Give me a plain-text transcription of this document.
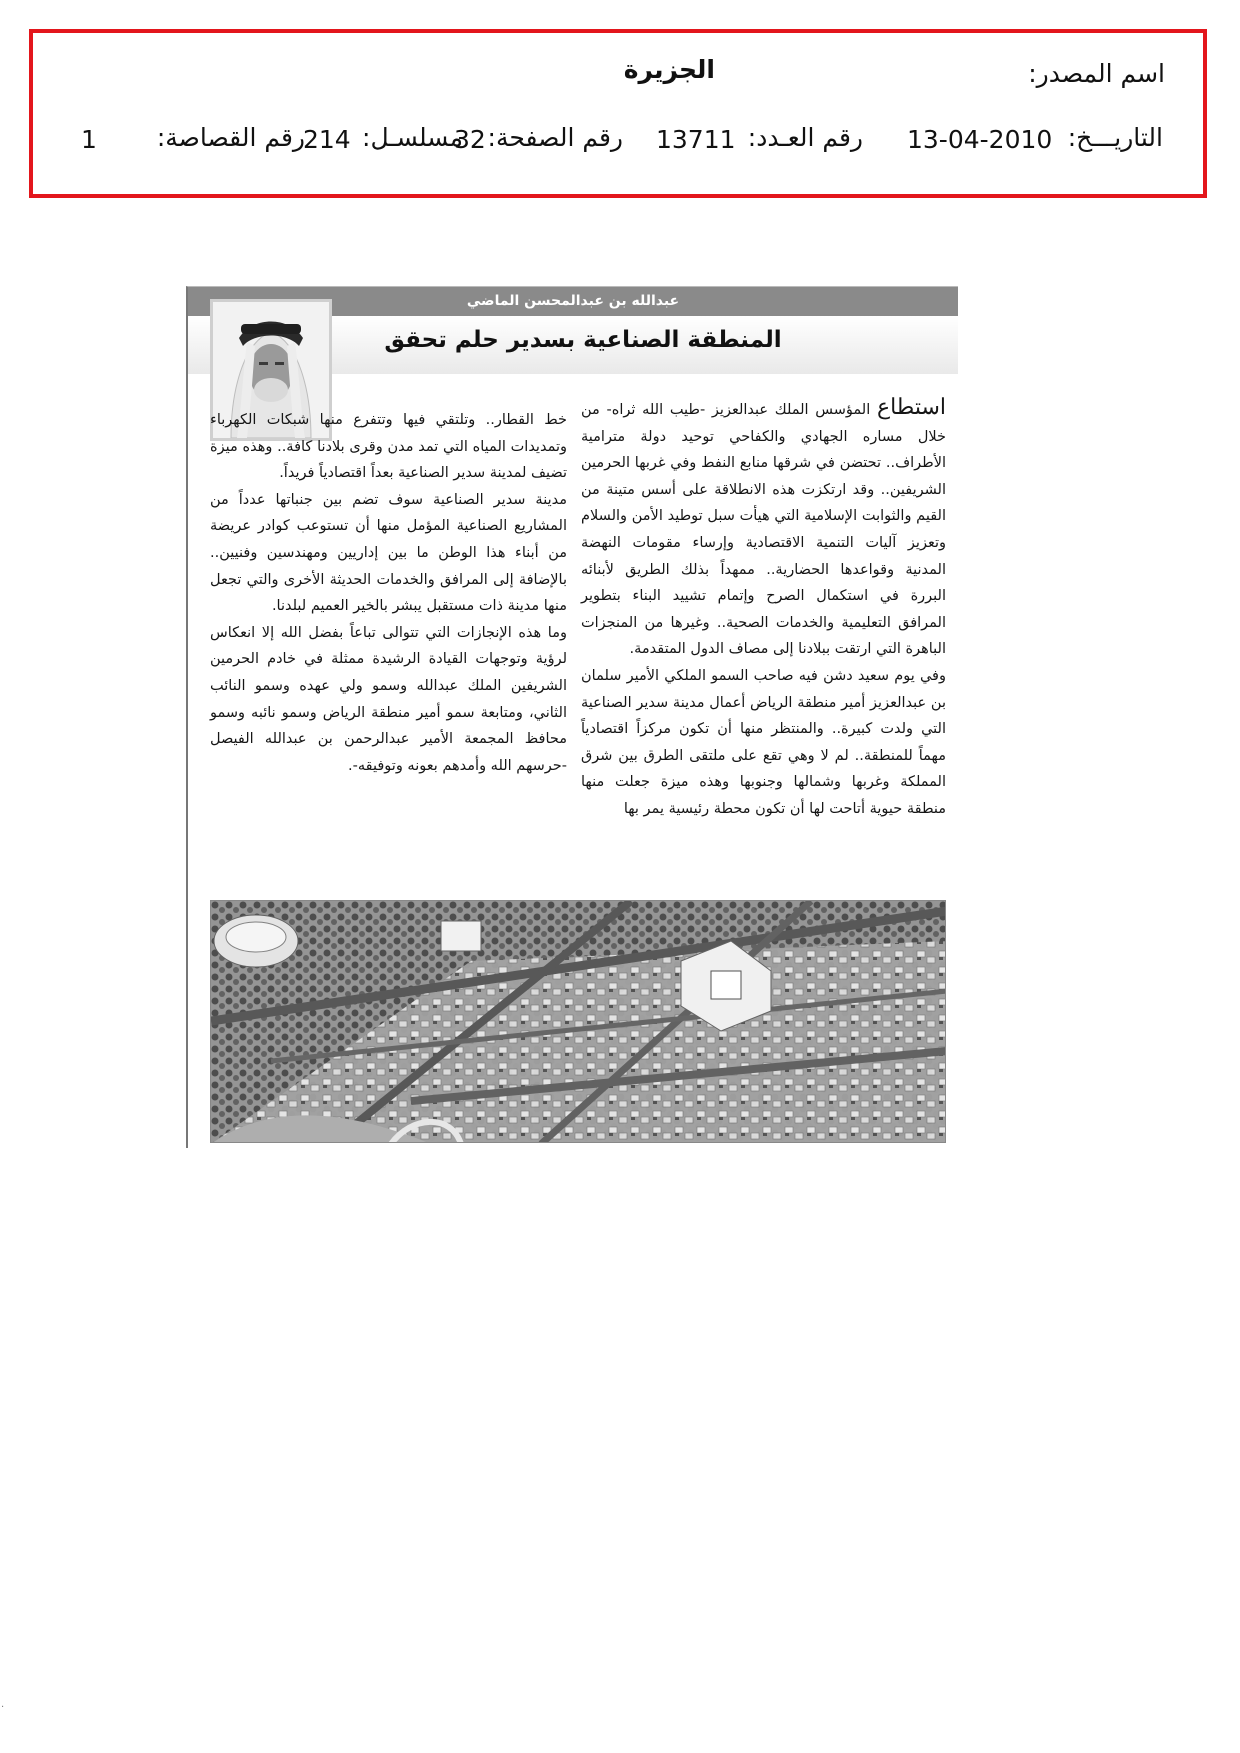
اسم المصدر:
الجزيرة
التاريـــخ:
13-04-2010
رقم العـدد:
13711
رقم الصفحة:
32
مسلسـل:
214
رقم القصاصة:
1
عبدالله بن عبدالمحسن الماضي
المنطقة الصناعية بسدير حلم تحقق

استطاع المؤسس الملك عبدالعزيز -طيب الله ثراه- من خلال مساره الجهادي والكفاحي توحيد دولة مترامية الأطراف.. تحتضن في شرقها منابع النفط وفي غربها الحرمين الشريفين.. وقد ارتكزت هذه الانطلاقة على أسس متينة من القيم والثوابت الإسلامية التي هيأت سبل توطيد الأمن والسلام وتعزيز آليات التنمية الاقتصادية وإرساء مقومات النهضة المدنية وقواعدها الحضارية.. ممهداً بذلك الطريق لأبنائه البررة في استكمال الصرح وإتمام تشييد البناء بتطوير المرافق التعليمية والخدمات الصحية.. وغيرها من المنجزات الباهرة التي ارتقت ببلادنا إلى مصاف الدول المتقدمة.

وفي يوم سعيد دشن فيه صاحب السمو الملكي الأمير سلمان بن عبدالعزيز أمير منطقة الرياض أعمال مدينة سدير الصناعية التي ولدت كبيرة.. والمنتظر منها أن تكون مركزاً اقتصادياً مهماً للمنطقة.. لم لا وهي تقع على ملتقى الطرق بين شرق المملكة وغربها وشمالها وجنوبها وهذه ميزة جعلت منها منطقة حيوية أتاحت لها أن تكون محطة رئيسية يمر بها

خط القطار.. وتلتقي فيها وتتفرع منها شبكات الكهرباء وتمديدات المياه التي تمد مدن وقرى بلادنا كافة.. وهذه ميزة تضيف لمدينة سدير الصناعية بعداً اقتصادياً فريداً.

مدينة سدير الصناعية سوف تضم بين جنباتها عدداً من المشاريع الصناعية المؤمل منها أن تستوعب كوادر عريضة من أبناء هذا الوطن ما بين إداريين ومهندسين وفنيين.. بالإضافة إلى المرافق والخدمات الحديثة الأخرى والتي تجعل منها مدينة ذات مستقبل يبشر بالخير العميم لبلدنا.

وما هذه الإنجازات التي تتوالى تباعاً بفضل الله إلا انعكاس لرؤية وتوجهات القيادة الرشيدة ممثلة في خادم الحرمين الشريفين الملك عبدالله وسمو ولي عهده وسمو النائب الثاني، ومتابعة سمو أمير منطقة الرياض وسمو نائبه وسمو محافظ المجمعة الأمير عبدالرحمن بن عبدالله الفيصل -حرسهم الله وأمدهم بعونه وتوفيقه-.

.
